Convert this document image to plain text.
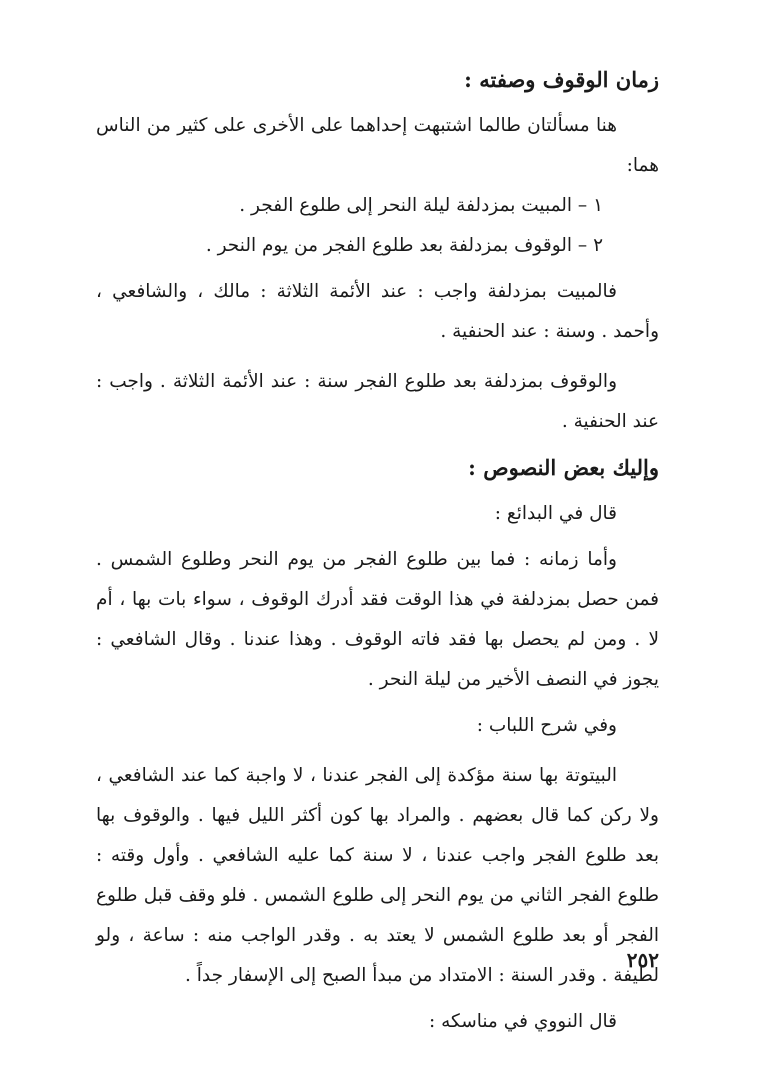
زمان الوقوف وصفته :

هنا مسألتان طالما اشتبهت إحداهما على الأخرى على كثير من الناس هما:

١ – المبيت بمزدلفة ليلة النحر إلى طلوع الفجر .

٢ – الوقوف بمزدلفة بعد طلوع الفجر من يوم النحر .

فالمبيت بمزدلفة واجب : عند الأئمة الثلاثة : مالك ، والشافعي ، وأحمد . وسنة : عند الحنفية .

والوقوف بمزدلفة بعد طلوع الفجر سنة : عند الأئمة الثلاثة . واجب : عند الحنفية .

وإليك بعض النصوص :

قال في البدائع :

وأما زمانه : فما بين طلوع الفجر من يوم النحر وطلوع الشمس . فمن حصل بمزدلفة في هذا الوقت فقد أدرك الوقوف ، سواء بات بها ، أم لا . ومن لم يحصل بها فقد فاته الوقوف . وهذا عندنا . وقال الشافعي : يجوز في النصف الأخير من ليلة النحر .

وفي شرح اللباب :

البيتوتة بها سنة مؤكدة إلى الفجر عندنا ، لا واجبة كما عند الشافعي ، ولا ركن كما قال بعضهم . والمراد بها كون أكثر الليل فيها . والوقوف بها بعد طلوع الفجر واجب عندنا ، لا سنة كما عليه الشافعي . وأول وقته : طلوع الفجر الثاني من يوم النحر إلى طلوع الشمس . فلو وقف قبل طلوع الفجر أو بعد طلوع الشمس لا يعتد به . وقدر الواجب منه : ساعة ، ولو لطيفة . وقدر السنة : الامتداد من مبدأ الصبح إلى الإسفار جداً .

قال النووي في مناسكه :

٢٥٢
